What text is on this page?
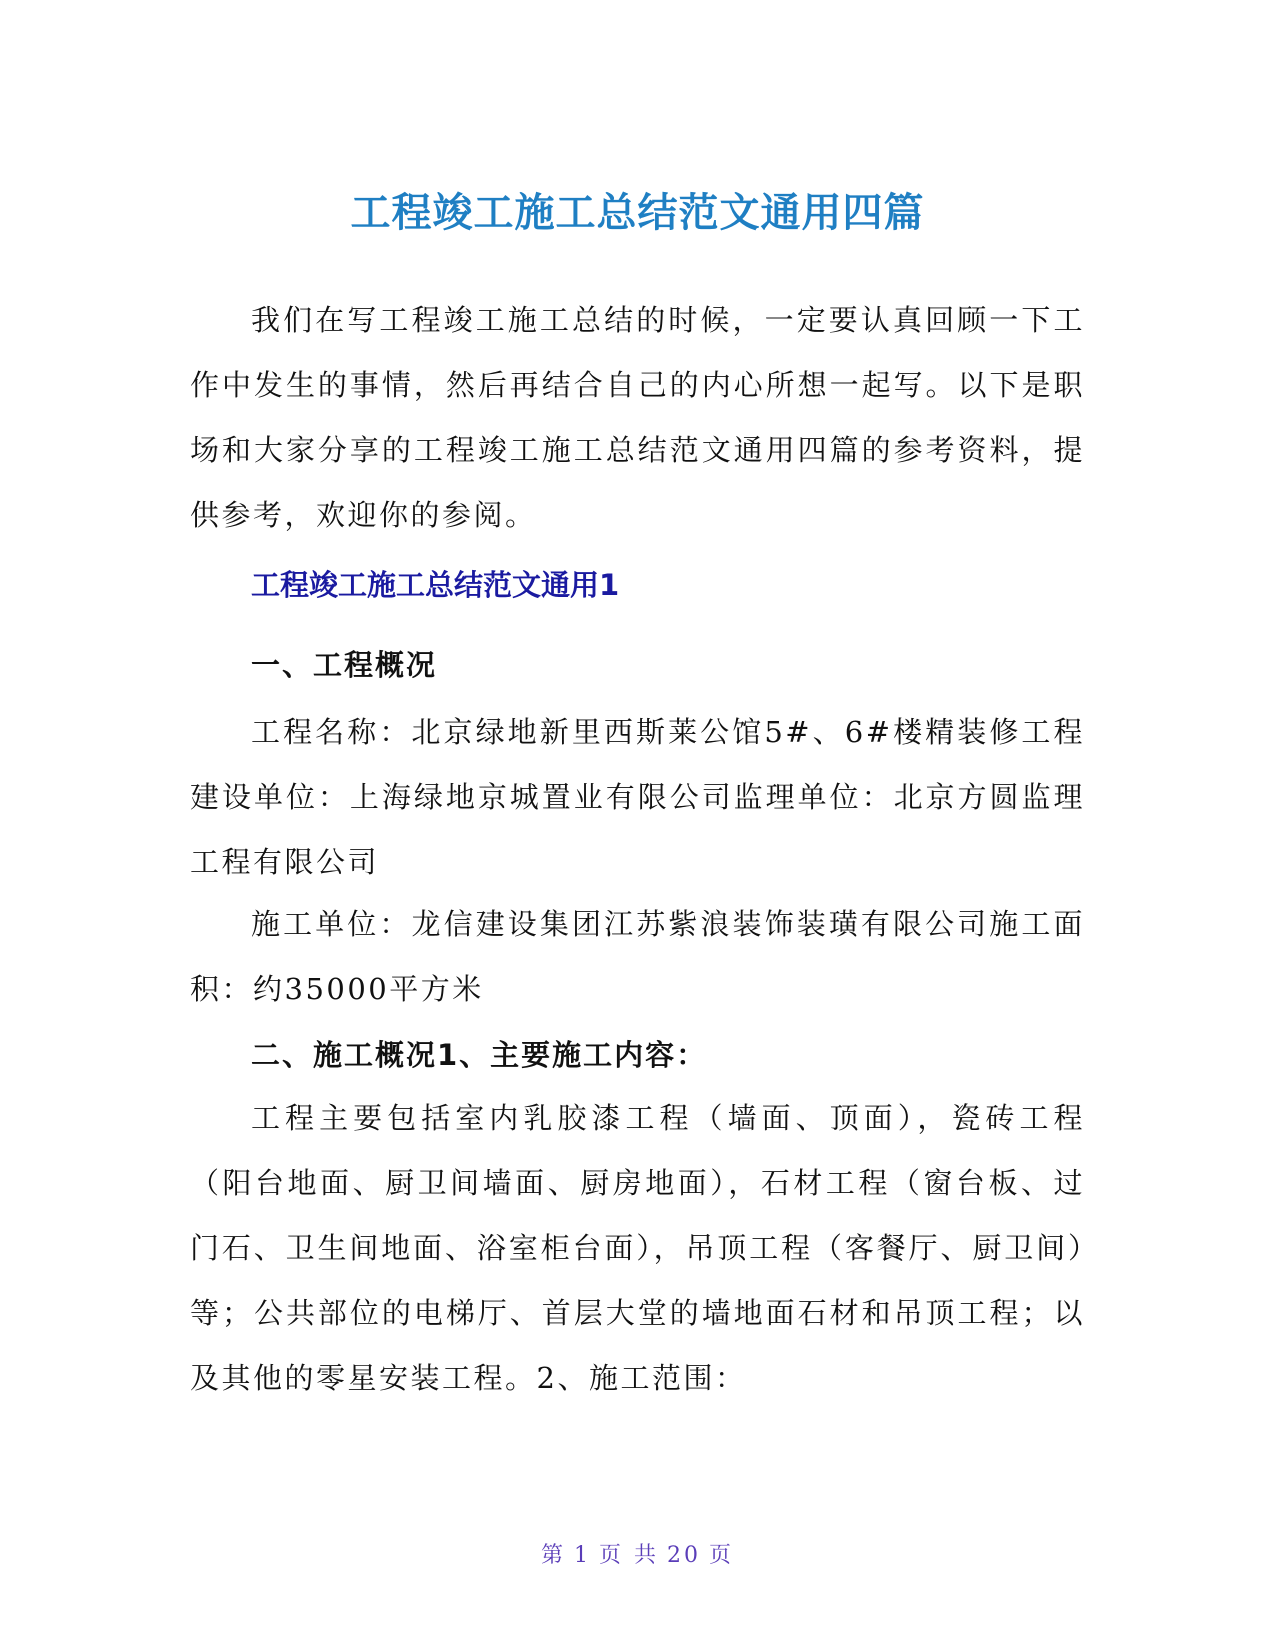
工程竣工施工总结范文通用四篇

我们在写工程竣工施工总结的时候，一定要认真回顾一下工作中发生的事情，然后再结合自己的内心所想一起写。以下是职场和大家分享的工程竣工施工总结范文通用四篇的参考资料，提供参考，欢迎你的参阅。

工程竣工施工总结范文通用1
一、工程概况

工程名称：北京绿地新里西斯莱公馆5#、6#楼精装修工程建设单位：上海绿地京城置业有限公司监理单位：北京方圆监理工程有限公司

施工单位：龙信建设集团江苏紫浪装饰装璜有限公司施工面积：约35000平方米

二、施工概况1、主要施工内容：

工程主要包括室内乳胶漆工程（墙面、顶面），瓷砖工程（阳台地面、厨卫间墙面、厨房地面），石材工程（窗台板、过门石、卫生间地面、浴室柜台面），吊顶工程（客餐厅、厨卫间）等；公共部位的电梯厅、首层大堂的墙地面石材和吊顶工程；以及其他的零星安装工程。2、施工范围：

第 1 页 共 20 页
